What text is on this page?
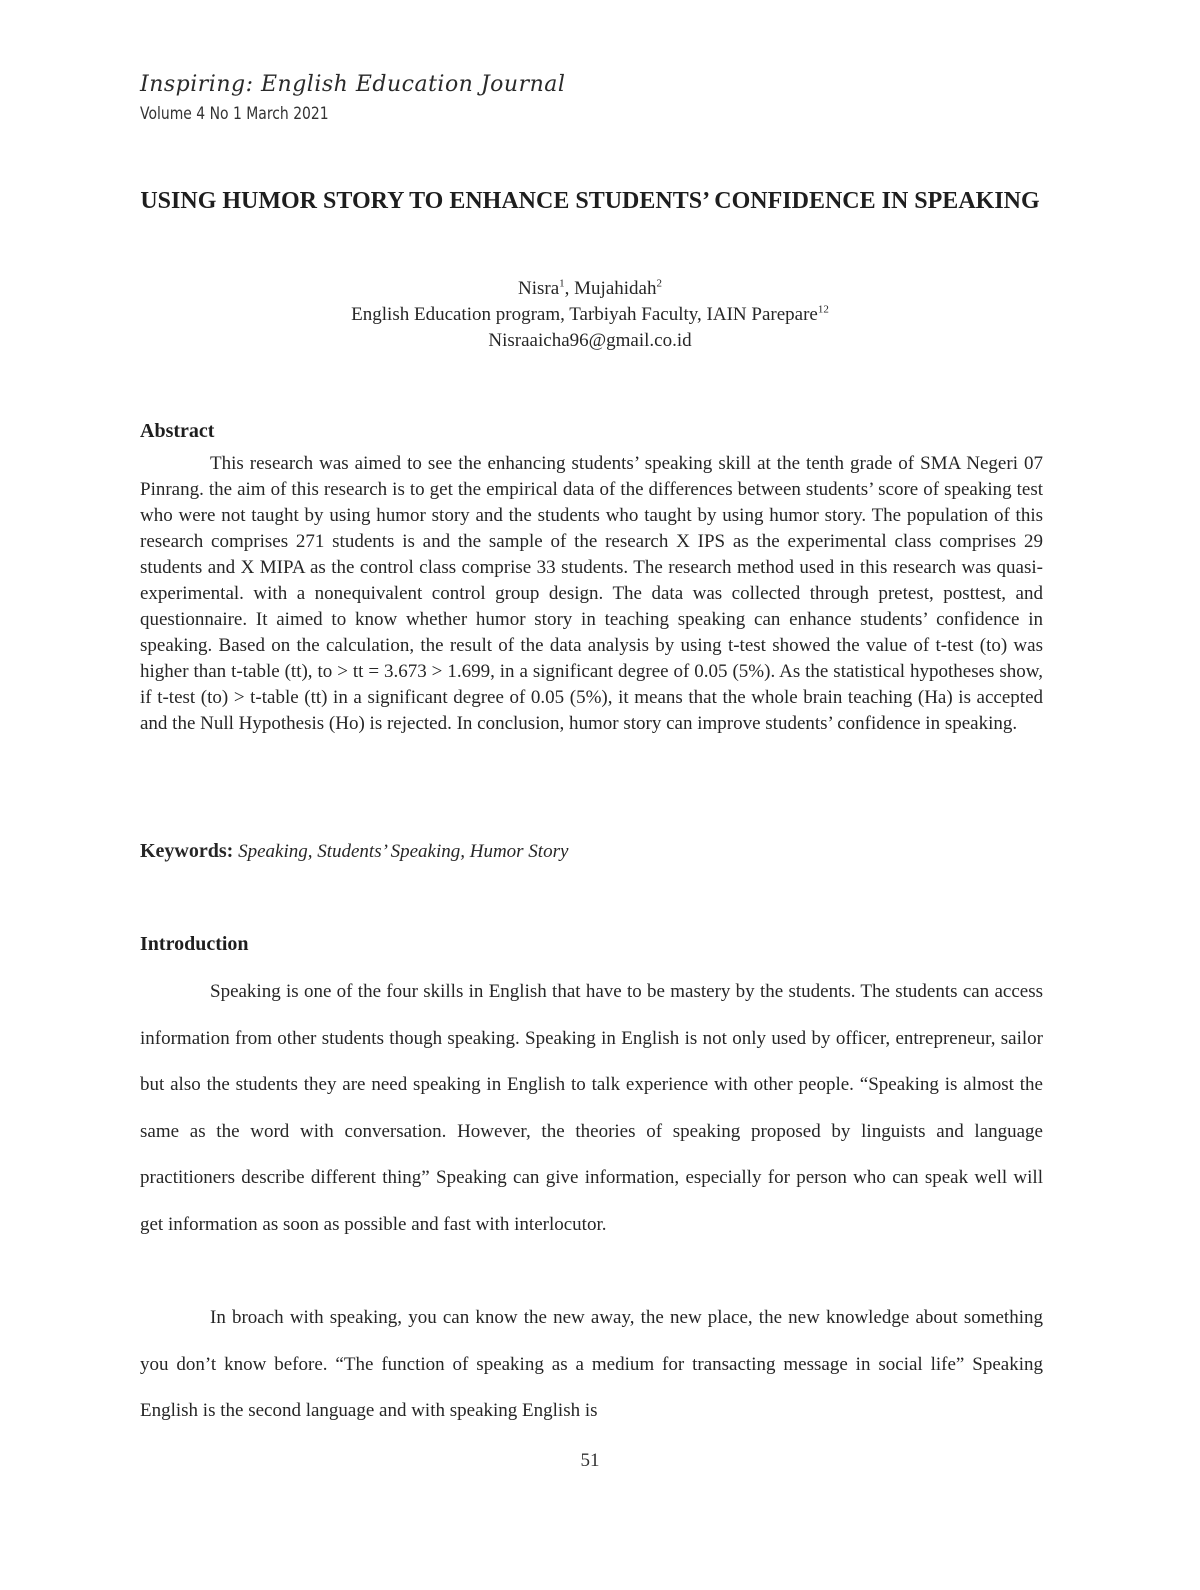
Inspiring: English Education Journal
Volume 4 No 1 March 2021
USING HUMOR STORY TO ENHANCE STUDENTS’ CONFIDENCE IN SPEAKING
Nisra$^1$, Mujahidah$^2$
English Education program, Tarbiyah Faculty, IAIN Parepare$^{12}$
Nisraaicha96@gmail.co.id
Abstract

This research was aimed to see the enhancing students’ speaking skill at the tenth grade of SMA Negeri 07 Pinrang. the aim of this research is to get the empirical data of the differences between students’ score of speaking test who were not taught by using humor story and the students who taught by using humor story. The population of this research comprises 271 students is and the sample of the research X IPS as the experimental class comprises 29 students and X MIPA as the control class comprise 33 students. The research method used in this research was quasi-experimental. with a nonequivalent control group design. The data was collected through pretest, posttest, and questionnaire. It aimed to know whether humor story in teaching speaking can enhance students’ confidence in speaking. Based on the calculation, the result of the data analysis by using t-test showed the value of t-test (to) was higher than t-table (tt), to > tt = 3.673 > 1.699, in a significant degree of 0.05 (5%). As the statistical hypotheses show, if t-test (to) > t-table (tt) in a significant degree of 0.05 (5%), it means that the whole brain teaching (Ha) is accepted and the Null Hypothesis (Ho) is rejected. In conclusion, humor story can improve students’ confidence in speaking.

Keywords: Speaking, Students’ Speaking, Humor Story
Introduction

Speaking is one of the four skills in English that have to be mastery by the students. The students can access information from other students though speaking. Speaking in English is not only used by officer, entrepreneur, sailor but also the students they are need speaking in English to talk experience with other people. “Speaking is almost the same as the word with conversation. However, the theories of speaking proposed by linguists and language practitioners describe different thing” Speaking can give information, especially for person who can speak well will get information as soon as possible and fast with interlocutor.

In broach with speaking, you can know the new away, the new place, the new knowledge about something you don’t know before. “The function of speaking as a medium for transacting message in social life” Speaking English is the second language and with speaking English is

51
